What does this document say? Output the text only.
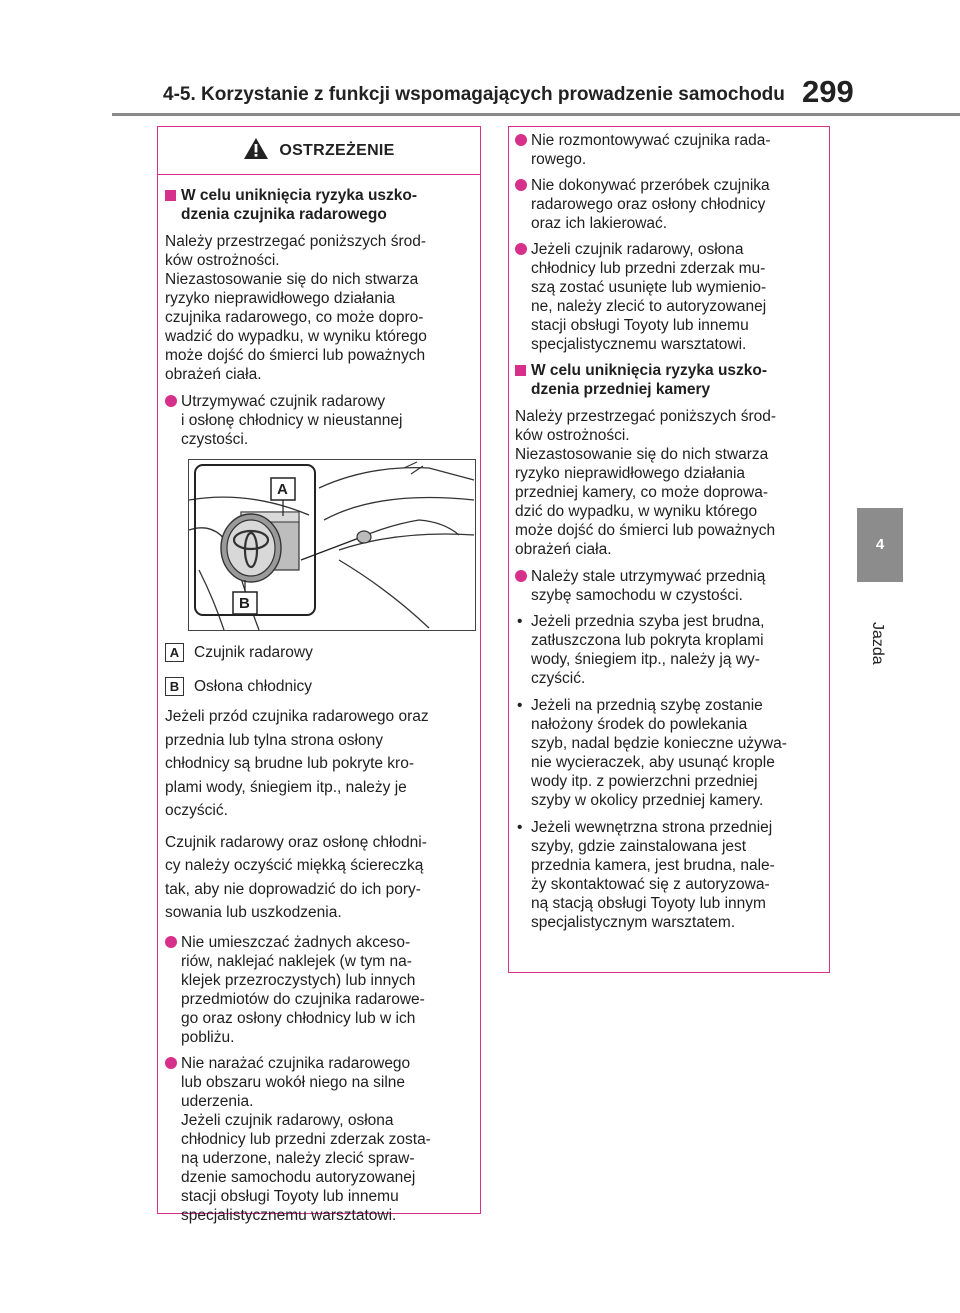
4-5. Korzystanie z funkcji wspomagających prowadzenie samochodu 299
4
Jazda
OSTRZEŻENIE
W celu uniknięcia ryzyka uszko-
dzenia czujnika radarowego
Należy przestrzegać poniższych środ-
ków ostrożności.
Niezastosowanie się do nich stwarza
ryzyko nieprawidłowego działania
czujnika radarowego, co może dopro-
wadzić do wypadku, w wyniku którego
może dojść do śmierci lub poważnych
obrażeń ciała.
Utrzymywać czujnik radarowy
i osłonę chłodnicy w nieustannej
czystości.
A
B
A Czujnik radarowy
B Osłona chłodnicy
Jeżeli przód czujnika radarowego oraz
przednia lub tylna strona osłony
chłodnicy są brudne lub pokryte kro-
plami wody, śniegiem itp., należy je
oczyścić.
Czujnik radarowy oraz osłonę chłodni-
cy należy oczyścić miękką ściereczką
tak, aby nie doprowadzić do ich pory-
sowania lub uszkodzenia.
Nie umieszczać żadnych akceso-
riów, naklejać naklejek (w tym na-
klejek przezroczystych) lub innych
przedmiotów do czujnika radarowe-
go oraz osłony chłodnicy lub w ich
pobliżu.
Nie narażać czujnika radarowego
lub obszaru wokół niego na silne
uderzenia.
Jeżeli czujnik radarowy, osłona
chłodnicy lub przedni zderzak zosta-
ną uderzone, należy zlecić spraw-
dzenie samochodu autoryzowanej
stacji obsługi Toyoty lub innemu
specjalistycznemu warsztatowi.
Nie rozmontowywać czujnika rada-
rowego.
Nie dokonywać przeróbek czujnika
radarowego oraz osłony chłodnicy
oraz ich lakierować.
Jeżeli czujnik radarowy, osłona
chłodnicy lub przedni zderzak mu-
szą zostać usunięte lub wymienio-
ne, należy zlecić to autoryzowanej
stacji obsługi Toyoty lub innemu
specjalistycznemu warsztatowi.
W celu uniknięcia ryzyka uszko-
dzenia przedniej kamery
Należy przestrzegać poniższych środ-
ków ostrożności.
Niezastosowanie się do nich stwarza
ryzyko nieprawidłowego działania
przedniej kamery, co może doprowa-
dzić do wypadku, w wyniku którego
może dojść do śmierci lub poważnych
obrażeń ciała.
Należy stale utrzymywać przednią
szybę samochodu w czystości.
• Jeżeli przednia szyba jest brudna,
zatłuszczona lub pokryta kroplami
wody, śniegiem itp., należy ją wy-
czyścić.
• Jeżeli na przednią szybę zostanie
nałożony środek do powlekania
szyb, nadal będzie konieczne używa-
nie wycieraczek, aby usunąć krople
wody itp. z powierzchni przedniej
szyby w okolicy przedniej kamery.
• Jeżeli wewnętrzna strona przedniej
szyby, gdzie zainstalowana jest
przednia kamera, jest brudna, nale-
ży skontaktować się z autoryzowa-
ną stacją obsługi Toyoty lub innym
specjalistycznym warsztatem.
